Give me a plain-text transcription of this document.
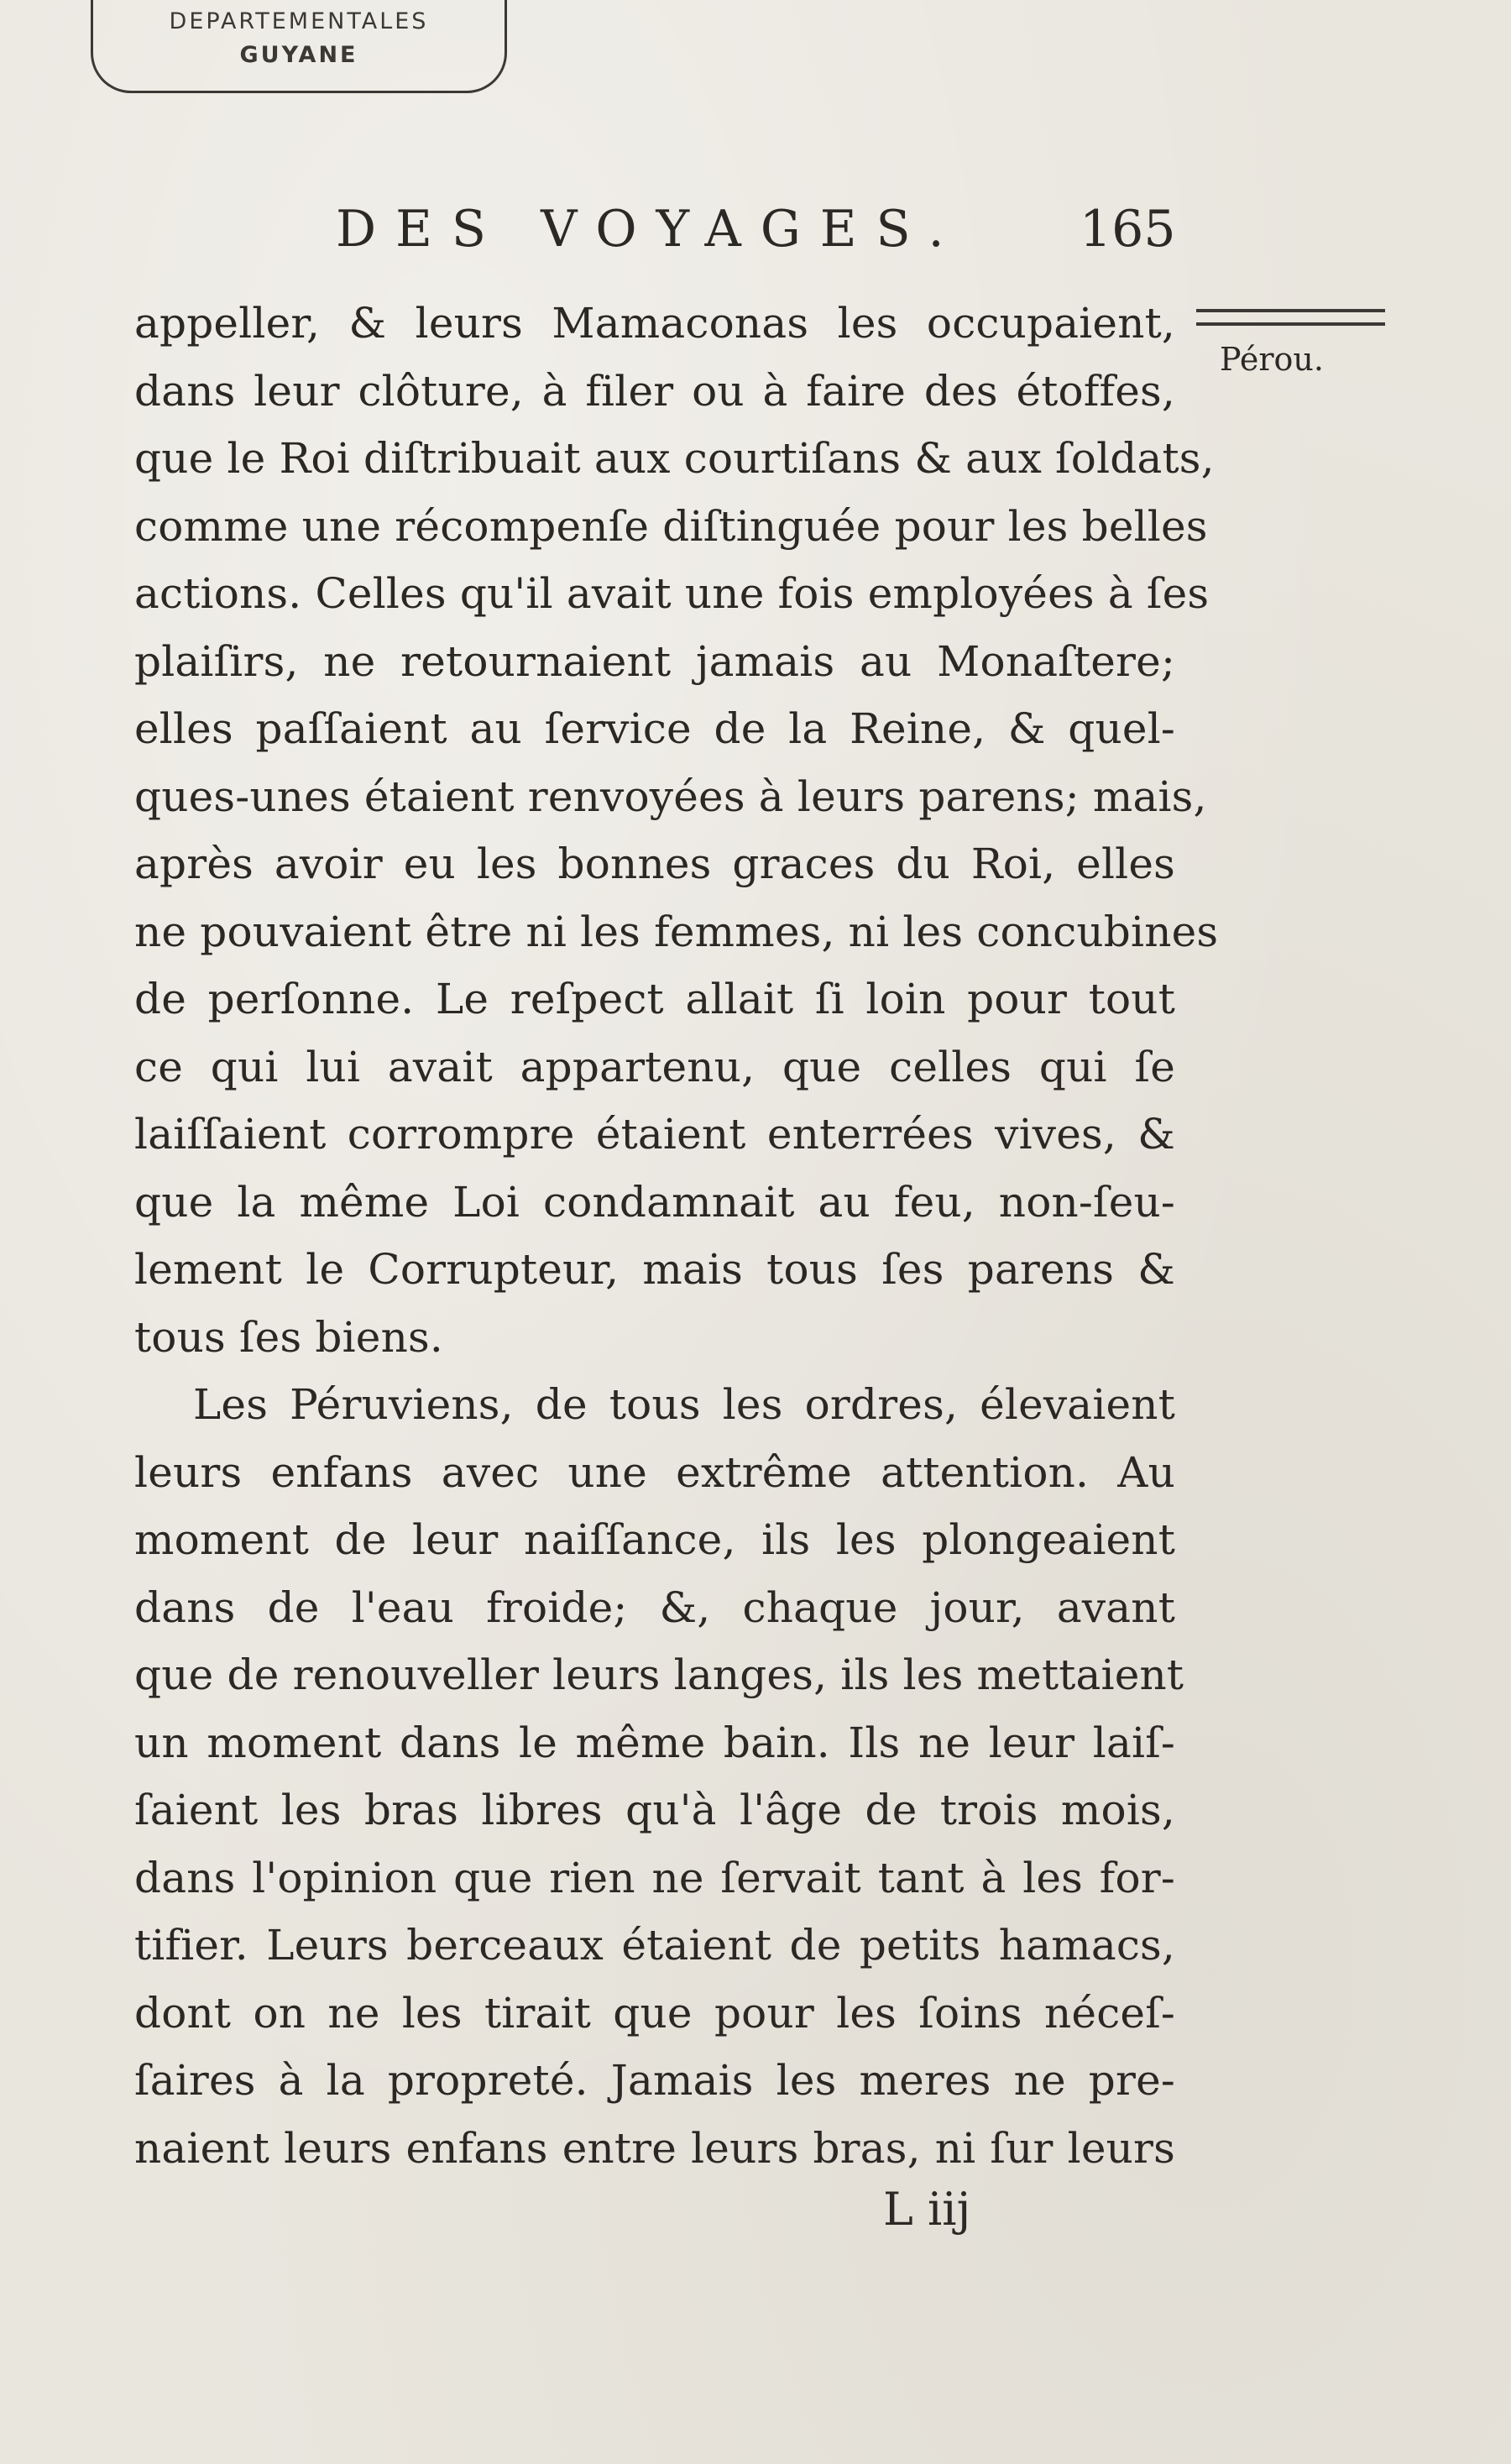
DEPARTEMENTALES
GUYANE
DES VOYAGES. 165
Pérou.
appeller, & leurs Mamaconas les occupaient,
dans leur clôture, à filer ou à faire des étoffes,
que le Roi diſtribuait aux courtiſans & aux ſoldats,
comme une récompenſe diſtinguée pour les belles
actions. Celles qu'il avait une fois employées à ſes
plaiſirs, ne retournaient jamais au Monaſtere;
elles paſſaient au ſervice de la Reine, & quel-
ques-unes étaient renvoyées à leurs parens; mais,
après avoir eu les bonnes graces du Roi, elles
ne pouvaient être ni les femmes, ni les concubines
de perſonne. Le reſpect allait ſi loin pour tout
ce qui lui avait appartenu, que celles qui ſe
laiſſaient corrompre étaient enterrées vives, &
que la même Loi condamnait au feu, non-ſeu-
lement le Corrupteur, mais tous ſes parens &
tous ſes biens.
Les Péruviens, de tous les ordres, élevaient
leurs enfans avec une extrême attention. Au
moment de leur naiſſance, ils les plongeaient
dans de l'eau froide; &, chaque jour, avant
que de renouveller leurs langes, ils les mettaient
un moment dans le même bain. Ils ne leur laiſ-
ſaient les bras libres qu'à l'âge de trois mois,
dans l'opinion que rien ne ſervait tant à les for-
tifier. Leurs berceaux étaient de petits hamacs,
dont on ne les tirait que pour les ſoins néceſ-
ſaires à la propreté. Jamais les meres ne pre-
naient leurs enfans entre leurs bras, ni ſur leurs
L iij
